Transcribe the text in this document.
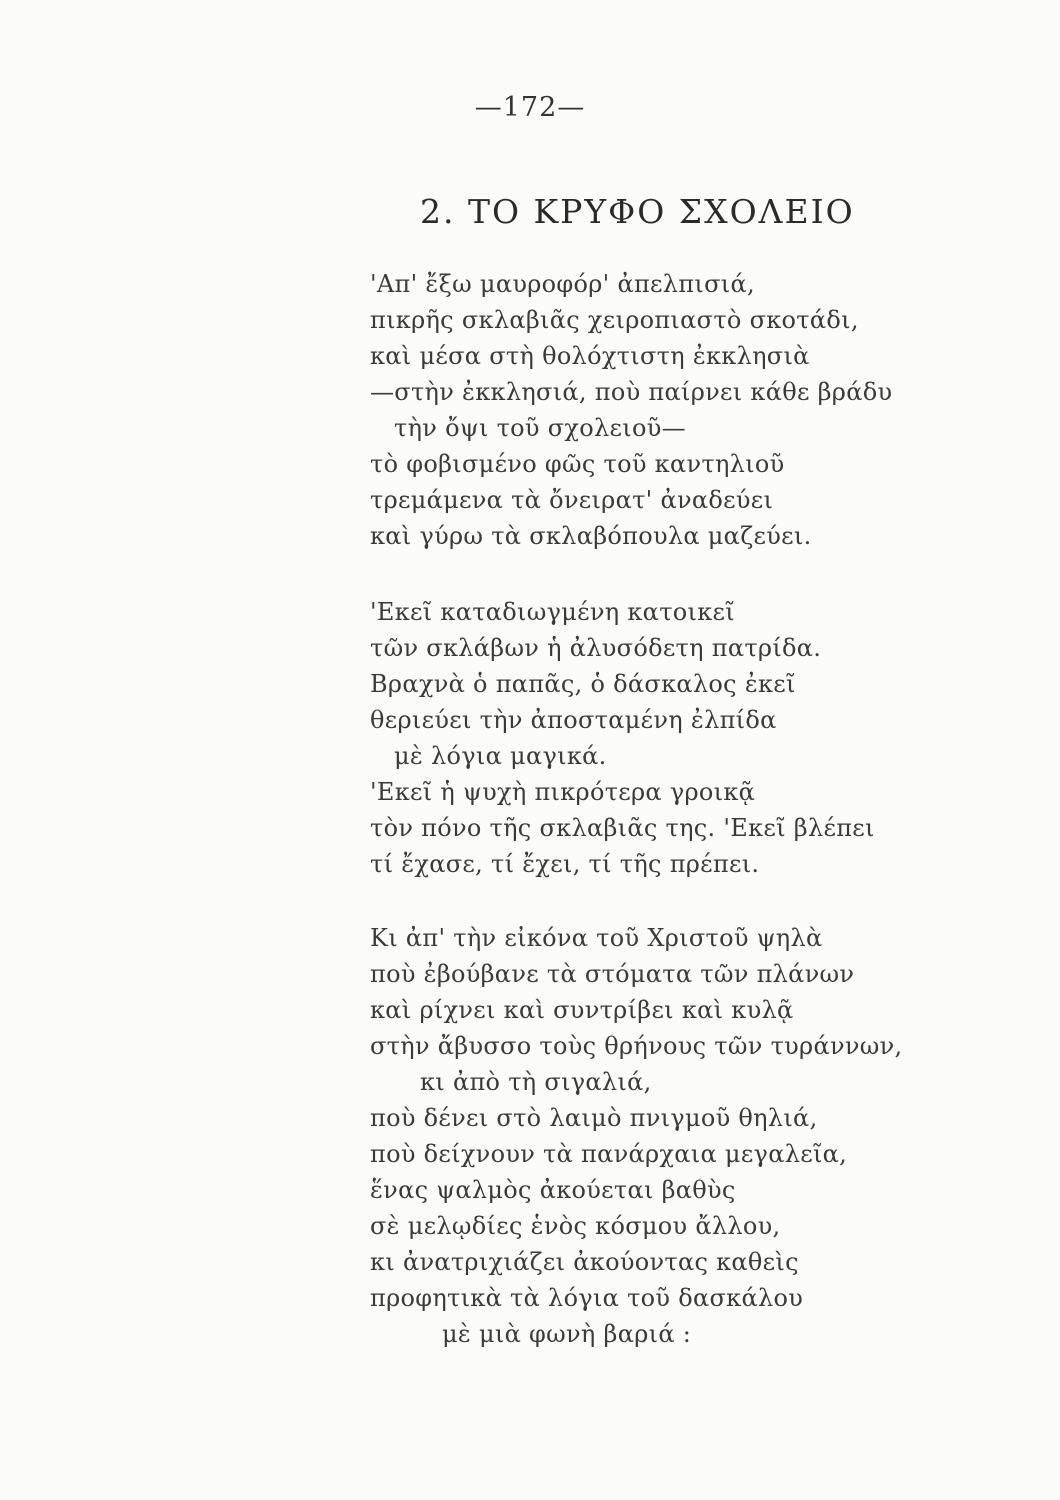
—172—
2. ΤΟ ΚΡΥΦΟ ΣΧΟΛΕΙΟ
'Απ' ἔξω μαυροφόρ' ἀπελπισιά,
πικρῆς σκλαβιᾶς χειροπιαστὸ σκοτάδι,
καὶ μέσα στὴ θολόχτιστη ἐκκλησιὰ
—στὴν ἐκκλησιά, ποὺ παίρνει κάθε βράδυ
τὴν ὄψι τοῦ σχολειοῦ—
τὸ φοβισμένο φῶς τοῦ καντηλιοῦ
τρεμάμενα τὰ ὄνειρατ' ἀναδεύει
καὶ γύρω τὰ σκλαβόπουλα μαζεύει.
'Εκεῖ καταδιωγμένη κατοικεῖ
τῶν σκλάβων ἡ ἀλυσόδετη πατρίδα.
Βραχνὰ ὁ παπᾶς, ὁ δάσκαλος ἐκεῖ
θεριεύει τὴν ἀποσταμένη ἐλπίδα
μὲ λόγια μαγικά.
'Εκεῖ ἡ ψυχὴ πικρότερα γροικᾷ
τὸν πόνο τῆς σκλαβιᾶς της. 'Εκεῖ βλέπει
τί ἔχασε, τί ἔχει, τί τῆς πρέπει.
Κι ἀπ' τὴν εἰκόνα τοῦ Χριστοῦ ψηλὰ
ποὺ ἐβούβανε τὰ στόματα τῶν πλάνων
καὶ ρίχνει καὶ συντρίβει καὶ κυλᾷ
στὴν ἄβυσσο τοὺς θρήνους τῶν τυράννων,
κι ἀπὸ τὴ σιγαλιά,
ποὺ δένει στὸ λαιμὸ πνιγμοῦ θηλιά,
ποὺ δείχνουν τὰ πανάρχαια μεγαλεῖα,
ἕνας ψαλμὸς ἀκούεται βαθὺς
σὲ μελῳδίες ἑνὸς κόσμου ἄλλου,
κι ἀνατριχιάζει ἀκούοντας καθεὶς
προφητικὰ τὰ λόγια τοῦ δασκάλου
μὲ μιὰ φωνὴ βαριά :
